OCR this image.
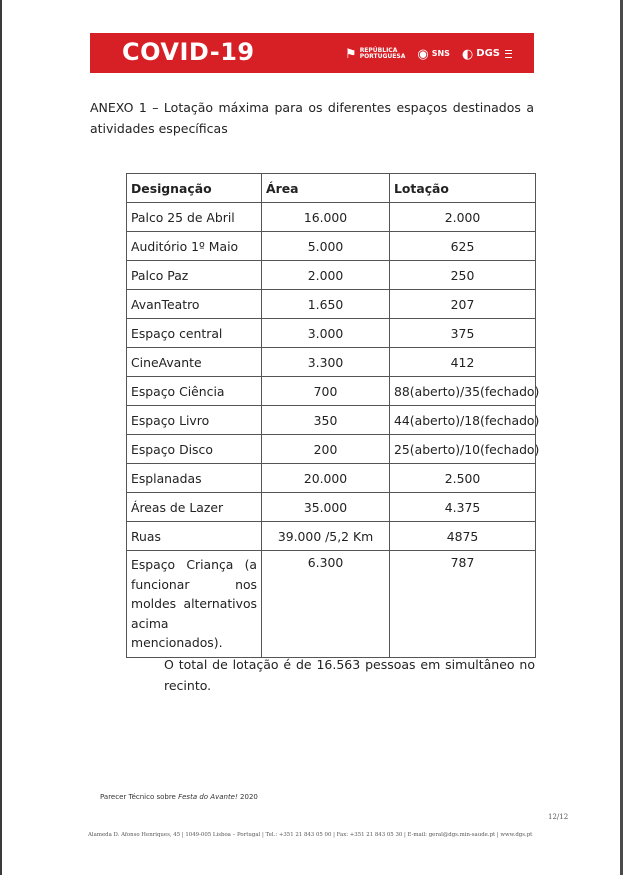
COVID-19	⚑ REPÚBLICA
PORTUGUESA ◉ SNS ◐ DGS
ANEXO 1 – Lotação máxima para os diferentes espaços destinados a atividades específicas
Designação	Área	Lotação
Palco 25 de Abril	16.000	2.000
Auditório 1º Maio	5.000	625
Palco Paz	2.000	250
AvanTeatro	1.650	207
Espaço central	3.000	375
CineAvante	3.300	412
Espaço Ciência	700	88(aberto)/35(fechado)
Espaço Livro	350	44(aberto)/18(fechado)
Espaço Disco	200	25(aberto)/10(fechado)
Esplanadas	20.000	2.500
Áreas de Lazer	35.000	4.375
Ruas	39.000 /5,2 Km	4875

Espaço Criança (a
funcionar nos
moldes alternativos
acima
mencionados).	6.300	787
O total de lotação é de 16.563 pessoas em simultâneo no
recinto.
Parecer Técnico sobre Festa do Avante! 2020
12/12
Alameda D. Afonso Henriques, 45 | 1049-005 Lisboa – Portugal | Tel.: +351 21 843 05 00 | Fax: +351 21 843 05 30 | E-mail: geral@dgs.min-saude.pt | www.dgs.pt
